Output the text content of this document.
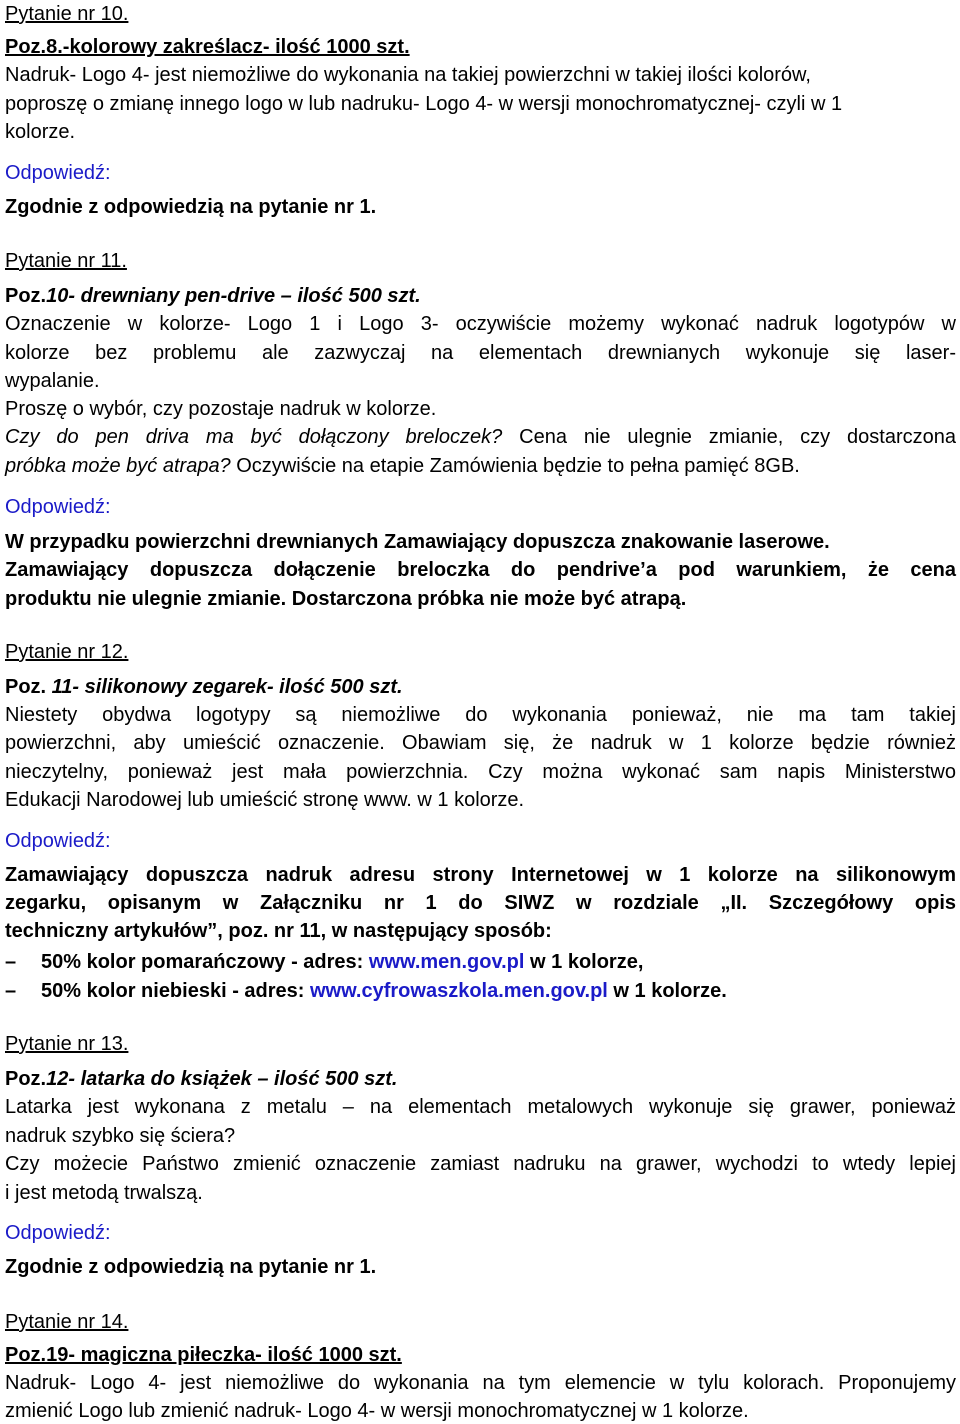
Pytanie nr 10.
Poz.8.-kolorowy zakreślacz- ilość 1000 szt.
Nadruk- Logo 4- jest niemożliwe do wykonania na takiej powierzchni w takiej ilości kolorów,
poproszę o zmianę innego logo w lub nadruku- Logo 4- w wersji monochromatycznej- czyli w 1
kolorze.
Odpowiedź:
Zgodnie z odpowiedzią na pytanie nr 1.
Pytanie nr 11.
Poz.10- drewniany pen-drive – ilość 500 szt.
Oznaczenie w kolorze- Logo 1 i Logo 3- oczywiście możemy wykonać nadruk logotypów w
kolorze bez problemu ale zazwyczaj na elementach drewnianych wykonuje się laser-
wypalanie.
Proszę o wybór, czy pozostaje nadruk w kolorze.
Czy do pen driva ma być dołączony breloczek? Cena nie ulegnie zmianie, czy dostarczona
próbka może być atrapa? Oczywiście na etapie Zamówienia będzie to pełna pamięć 8GB.
Odpowiedź:
W przypadku powierzchni drewnianych Zamawiający dopuszcza znakowanie laserowe.
Zamawiający dopuszcza dołączenie breloczka do pendrive’a pod warunkiem, że cena
produktu nie ulegnie zmianie. Dostarczona próbka nie może być atrapą.
Pytanie nr 12.
Poz. 11- silikonowy zegarek- ilość 500 szt.
Niestety obydwa logotypy są niemożliwe do wykonania ponieważ, nie ma tam takiej
powierzchni, aby umieścić oznaczenie. Obawiam się, że nadruk w 1 kolorze będzie również
nieczytelny, ponieważ jest mała powierzchnia. Czy można wykonać sam napis Ministerstwo
Edukacji Narodowej lub umieścić stronę www. w 1 kolorze.
Odpowiedź:
Zamawiający dopuszcza nadruk adresu strony Internetowej w 1 kolorze na silikonowym
zegarku, opisanym w Załączniku nr 1 do SIWZ w rozdziale „II. Szczegółowy opis
techniczny artykułów”, poz. nr 11, w następujący sposób:
– 50% kolor pomarańczowy - adres: www.men.gov.pl w 1 kolorze,
– 50% kolor niebieski - adres: www.cyfrowaszkola.men.gov.pl w 1 kolorze.
Pytanie nr 13.
Poz.12- latarka do książek – ilość 500 szt.
Latarka jest wykonana z metalu – na elementach metalowych wykonuje się grawer, ponieważ
nadruk szybko się ściera?
Czy możecie Państwo zmienić oznaczenie zamiast nadruku na grawer, wychodzi to wtedy lepiej
i jest metodą trwalszą.
Odpowiedź:
Zgodnie z odpowiedzią na pytanie nr 1.
Pytanie nr 14.
Poz.19- magiczna piłeczka- ilość 1000 szt.
Nadruk- Logo 4- jest niemożliwe do wykonania na tym elemencie w tylu kolorach. Proponujemy
zmienić Logo lub zmienić nadruk- Logo 4- w wersji monochromatycznej w 1 kolorze.
